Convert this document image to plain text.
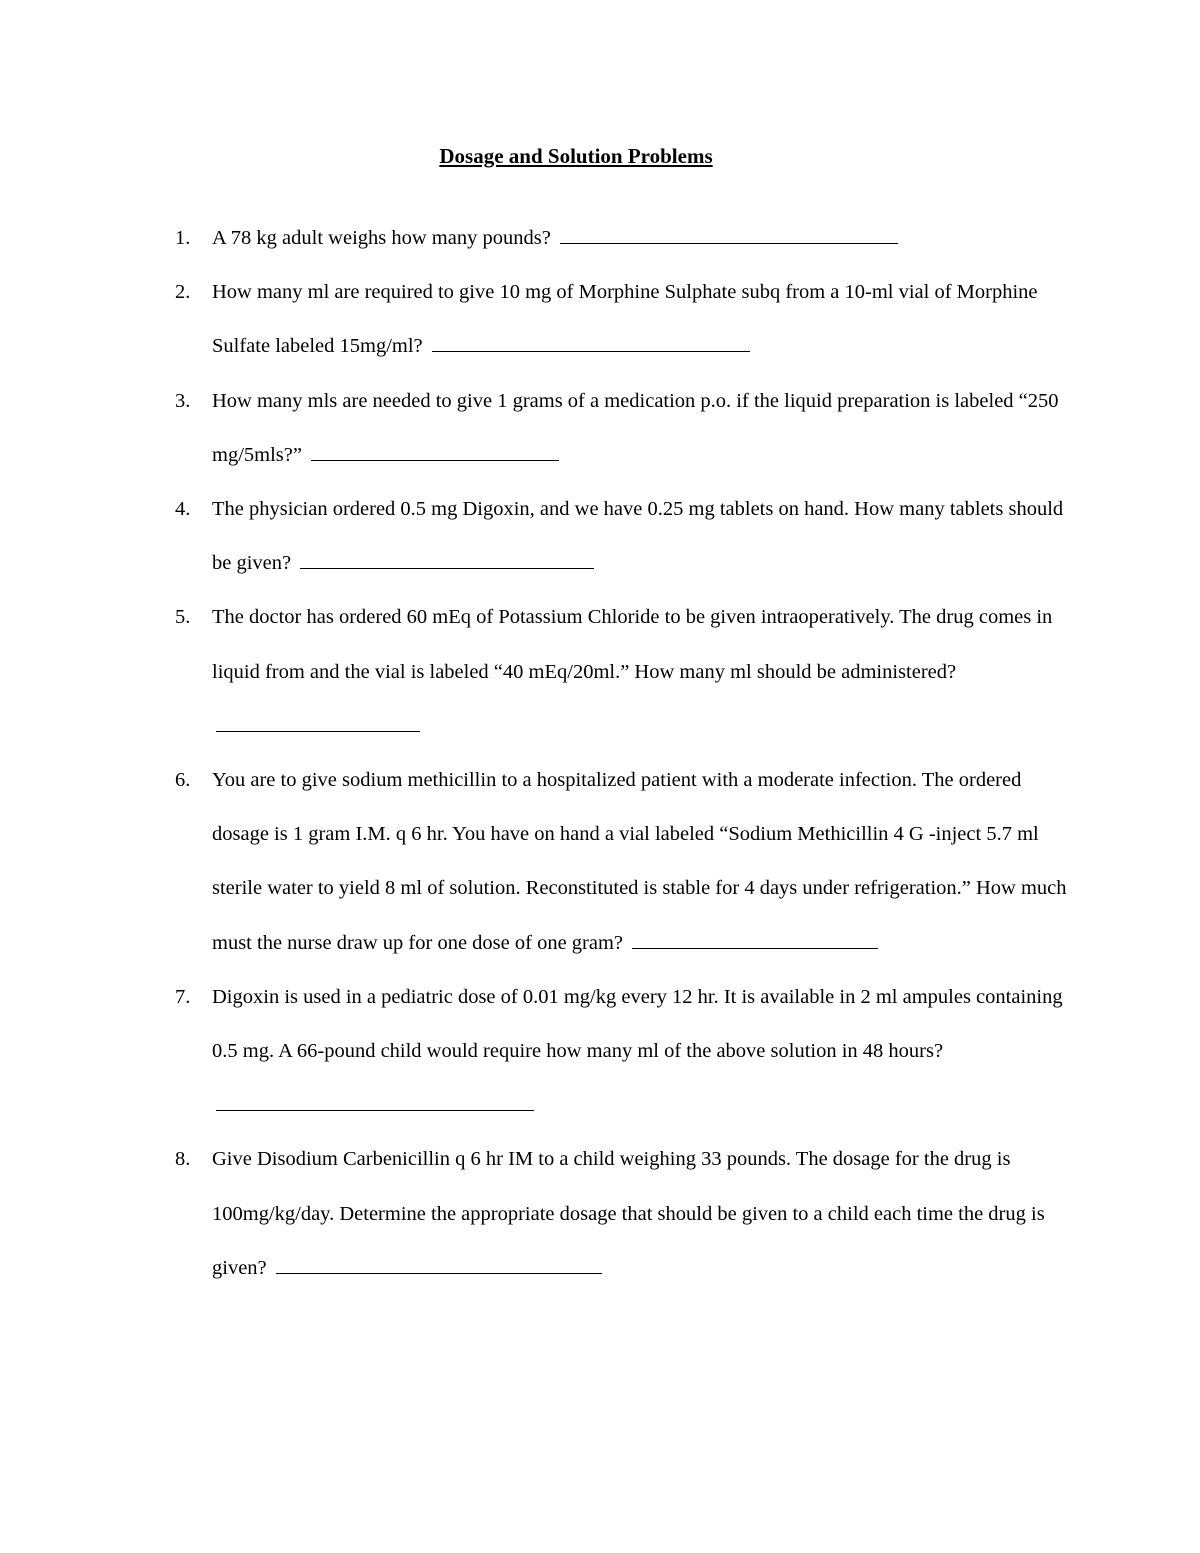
Dosage and Solution Problems
1. A 78 kg adult weighs how many pounds?
2. How many ml are required to give 10 mg of Morphine Sulphate subq from a 10-ml vial of Morphine Sulfate labeled 15mg/ml?
3. How many mls are needed to give 1 grams of a medication p.o. if the liquid preparation is labeled “250 mg/5mls?”
4. The physician ordered 0.5 mg Digoxin, and we have 0.25 mg tablets on hand. How many tablets should be given?
5. The doctor has ordered 60 mEq of Potassium Chloride to be given intraoperatively. The drug comes in liquid from and the vial is labeled “40 mEq/20ml.” How many ml should be administered?
6. You are to give sodium methicillin to a hospitalized patient with a moderate infection. The ordered dosage is 1 gram I.M. q 6 hr. You have on hand a vial labeled “Sodium Methicillin 4 G -inject 5.7 ml sterile water to yield 8 ml of solution. Reconstituted is stable for 4 days under refrigeration.” How much must the nurse draw up for one dose of one gram?
7. Digoxin is used in a pediatric dose of 0.01 mg/kg every 12 hr. It is available in 2 ml ampules containing 0.5 mg. A 66-pound child would require how many ml of the above solution in 48 hours?
8. Give Disodium Carbenicillin q 6 hr IM to a child weighing 33 pounds. The dosage for the drug is 100mg/kg/day. Determine the appropriate dosage that should be given to a child each time the drug is given?
